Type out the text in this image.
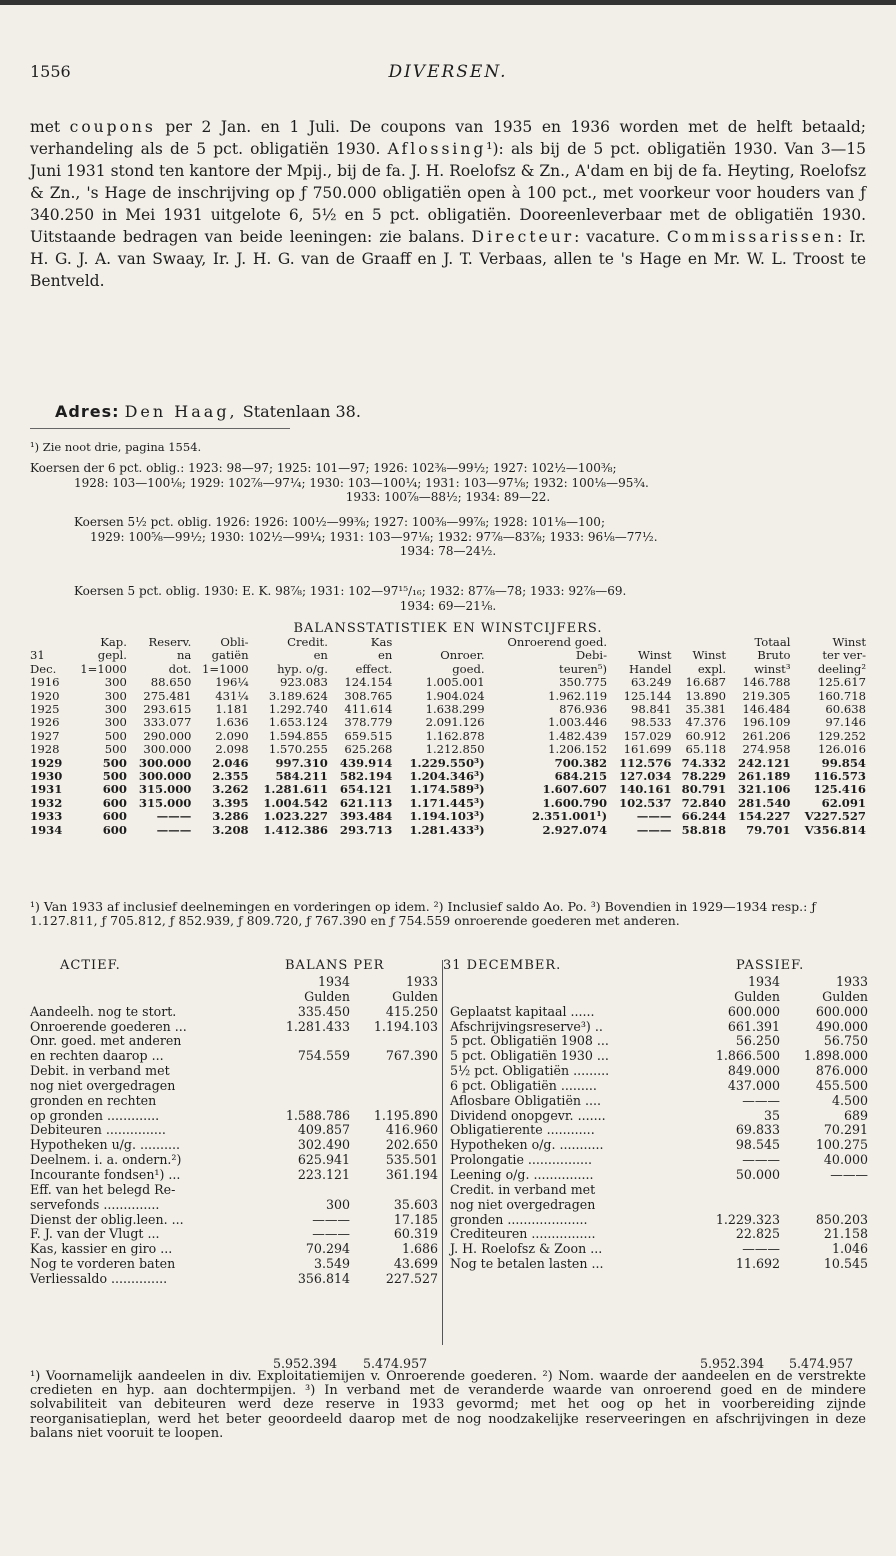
1556	DIVERSEN.
met coupons per 2 Jan. en 1 Juli. De coupons van 1935 en 1936 worden met de helft betaald; verhandeling als de 5 pct. obligatiën 1930. Aflossing¹): als bij de 5 pct. obligatiën 1930. Van 3—15 Juni 1931 stond ten kantore der Mpij., bij de fa. J. H. Roelofsz & Zn., A'dam en bij de fa. Heyting, Roelofsz & Zn., 's Hage de inschrijving op ƒ 750.000 obligatiën open à 100 pct., met voorkeur voor houders van ƒ 340.250 in Mei 1931 uitgelote 6, 5½ en 5 pct. obligatiën. Dooreenleverbaar met de obligatiën 1930. Uitstaande bedragen van beide leeningen: zie balans. Directeur: vacature. Commissarissen: Ir. H. G. J. A. van Swaay, Ir. J. H. G. van de Graaff en J. T. Verbaas, allen te 's Hage en Mr. W. L. Troost te Bentveld.
Adres: Den Haag, Statenlaan 38.
¹) Zie noot drie, pagina 1554.
Koersen der 6 pct. oblig.: 1923: 98—97; 1925: 101—97; 1926: 102⅜—99½; 1927: 102½—100⅜;
1928: 103—100⅛; 1929: 102⅞—97¼; 1930: 103—100¼; 1931: 103—97⅛; 1932: 100⅛—95¾.
1933: 100⅞—88½; 1934: 89—22.
Koersen 5½ pct. oblig. 1926: 1926: 100½—99⅜; 1927: 100⅜—99⅞; 1928: 101⅛—100;
1929: 100⅝—99½; 1930: 102½—99¼; 1931: 103—97⅛; 1932: 97⅞—83⅞; 1933: 96⅛—77½.
1934: 78—24½.
Koersen 5 pct. oblig. 1930: E. K. 98⅞; 1931: 102—97¹⁵/₁₆; 1932: 87⅞—78; 1933: 92⅞—69.
1934: 69—21⅛.
BALANSSTATISTIEK EN WINSTCIJFERS.
	Kap.	Reserv.	Obli-	Credit.	Kas		Onroerend goed.			Totaal	Winst
31	gepl.	na	gatiën	en	en	Onroer.	Debi-	Winst	Winst	Bruto	ter ver-
Dec.	1=1000	dot.	1=1000	hyp. o/g.	effect.	goed.	teuren⁵)	Handel	expl.	winst³	deeling²
1916	300	88.650	196¼	923.083	124.154	1.005.001	350.775	63.249	16.687	146.788	125.617
1920	300	275.481	431¼	3.189.624	308.765	1.904.024	1.962.119	125.144	13.890	219.305	160.718
1925	300	293.615	1.181	1.292.740	411.614	1.638.299	876.936	98.841	35.381	146.484	60.638
1926	300	333.077	1.636	1.653.124	378.779	2.091.126	1.003.446	98.533	47.376	196.109	97.146
1927	500	290.000	2.090	1.594.855	659.515	1.162.878	1.482.439	157.029	60.912	261.206	129.252
1928	500	300.000	2.098	1.570.255	625.268	1.212.850	1.206.152	161.699	65.118	274.958	126.016
1929	500	300.000	2.046	997.310	439.914	1.229.550³)	700.382	112.576	74.332	242.121	99.854
1930	500	300.000	2.355	584.211	582.194	1.204.346³)	684.215	127.034	78.229	261.189	116.573
1931	600	315.000	3.262	1.281.611	654.121	1.174.589³)	1.607.607	140.161	80.791	321.106	125.416
1932	600	315.000	3.395	1.004.542	621.113	1.171.445³)	1.600.790	102.537	72.840	281.540	62.091
1933	600	———	3.286	1.023.227	393.484	1.194.103³)	2.351.001¹)	———	66.244	154.227	V227.527
1934	600	———	3.208	1.412.386	293.713	1.281.433³)	2.927.074	———	58.818	79.701	V356.814
¹) Van 1933 af inclusief deelnemingen en vorderingen op idem. ²) Inclusief saldo Ao. Po. ³) Bovendien in 1929—1934 resp.: ƒ 1.127.811, ƒ 705.812, ƒ 852.939, ƒ 809.720, ƒ 767.390 en ƒ 754.559 onroerende goederen met anderen.
ACTIEF.	BALANS PER	31 DECEMBER.	PASSIEF.
	1934	1933
	Gulden	Gulden
Aandeelh. nog te stort.	335.450	415.250
Onroerende goederen ...	1.281.433	1.194.103
Onr. goed. met anderen		
en rechten daarop ...	754.559	767.390
Debit. in verband met		
nog niet overgedragen		
gronden en rechten		
op gronden .............	1.588.786	1.195.890
Debiteuren ...............	409.857	416.960
Hypotheken u/g. ..........	302.490	202.650
Deelnem. i. a. ondern.²)	625.941	535.501
Incourante fondsen¹) ...	223.121	361.194
Eff. van het belegd Re-		
servefonds ..............	300	35.603
Dienst der oblig.leen. ...	———	17.185
F. J. van der Vlugt ...	———	60.319
Kas, kassier en giro ...	70.294	1.686
Nog te vorderen baten	3.549	43.699
Verliessaldo ..............	356.814	227.527
	1934	1933
	Gulden	Gulden
Geplaatst kapitaal ......	600.000	600.000
Afschrijvingsreserve³) ..	661.391	490.000
5 pct. Obligatiën 1908 ...	56.250	56.750
5 pct. Obligatiën 1930 ...	1.866.500	1.898.000
5½ pct. Obligatiën .........	849.000	876.000
6 pct. Obligatiën .........	437.000	455.500
Aflosbare Obligatiën ....	———	4.500
Dividend onopgevr. .......	35	689
Obligatierente ............	69.833	70.291
Hypotheken o/g. ...........	98.545	100.275
Prolongatie ................	———	40.000
Leening o/g. ...............	50.000	———
Credit. in verband met		
nog niet overgedragen		
gronden ....................	1.229.323	850.203
Crediteuren ................	22.825	21.158
J. H. Roelofsz & Zoon ...	———	1.046
Nog te betalen lasten ...	11.692	10.545
5.952.394 5.474.957	5.952.394 5.474.957
¹) Voornamelijk aandeelen in div. Exploitatiemijen v. Onroerende goederen. ²) Nom. waarde der aandeelen en de verstrekte credieten en hyp. aan dochtermpijen. ³) In verband met de veranderde waarde van onroerend goed en de mindere solvabiliteit van debiteuren werd deze reserve in 1933 gevormd; met het oog op het in voorbereiding zijnde reorganisatieplan, werd het beter geoordeeld daarop met de nog noodzakelijke reserveeringen en afschrijvingen in deze balans niet vooruit te loopen.
